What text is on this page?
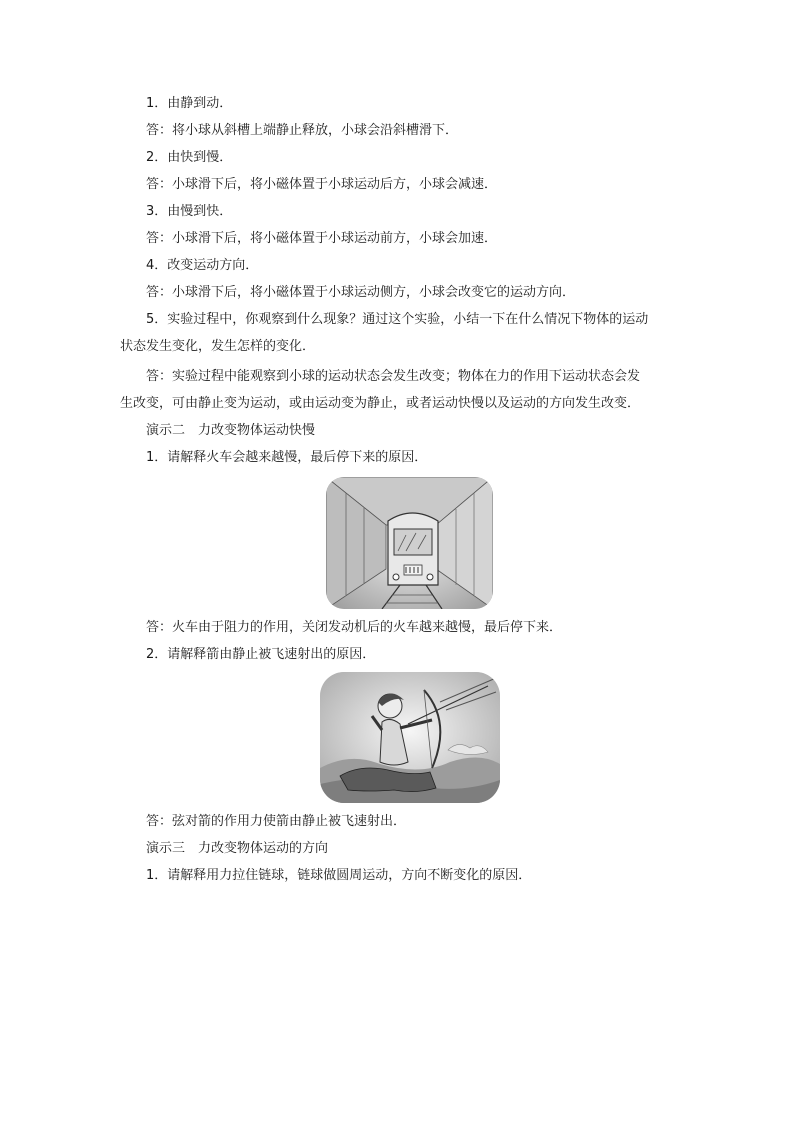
1．由静到动．
答：将小球从斜槽上端静止释放，小球会沿斜槽滑下．
2．由快到慢．
答：小球滑下后，将小磁体置于小球运动后方，小球会减速．
3．由慢到快．
答：小球滑下后，将小磁体置于小球运动前方，小球会加速．
4．改变运动方向．
答：小球滑下后，将小磁体置于小球运动侧方，小球会改变它的运动方向．
5．实验过程中，你观察到什么现象？通过这个实验，小结一下在什么情况下物体的运动
状态发生变化，发生怎样的变化．
答：实验过程中能观察到小球的运动状态会发生改变；物体在力的作用下运动状态会发
生改变，可由静止变为运动，或由运动变为静止，或者运动快慢以及运动的方向发生改变．
演示二　力改变物体运动快慢
1．请解释火车会越来越慢，最后停下来的原因．
答：火车由于阻力的作用，关闭发动机后的火车越来越慢，最后停下来．
2．请解释箭由静止被飞速射出的原因．
答：弦对箭的作用力使箭由静止被飞速射出．
演示三　力改变物体运动的方向
1．请解释用力拉住链球，链球做圆周运动，方向不断变化的原因．
